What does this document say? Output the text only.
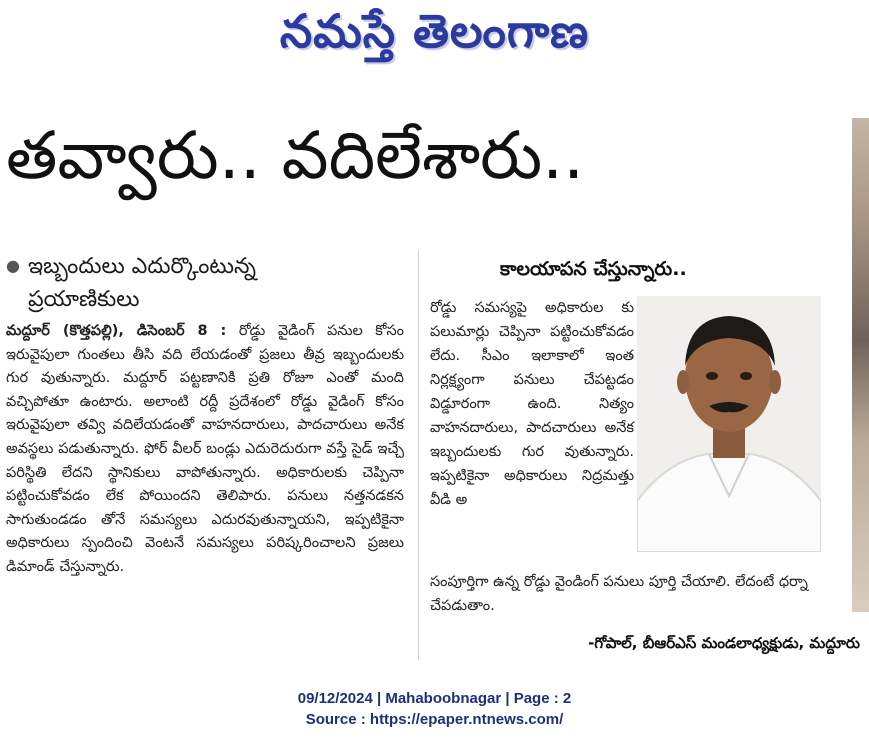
నమస్తే తెలంగాణ
తవ్వారు.. వదిలేశారు..
● ఇబ్బందులు ఎదుర్కొంటున్న ప్రయాణికులు
మద్దూర్ (కొత్తపల్లి), డిసెంబర్ 8 : రోడ్డు వైడింగ్ పనుల కోసం ఇరువైపులా గుంతలు తీసి వది లేయడంతో ప్రజలు తీవ్ర ఇబ్బందులకు గుర వుతున్నారు. మద్దూర్ పట్టణానికి ప్రతి రోజూ ఎంతో మంది వచ్చిపోతూ ఉంటారు. అలాంటి రద్దీ ప్రదేశంలో రోడ్డు వైడింగ్ కోసం ఇరువైపులా తవ్వి వదిలేయడంతో వాహనదారులు, పాదచారులు అనేక అవస్థలు పడుతున్నారు. ఫోర్ వీలర్ బండ్లు ఎదురెదురుగా వస్తే సైడ్ ఇచ్చే పరిస్థితి లేదని స్థానికులు వాపోతున్నారు. అధికారులకు చెప్పినా పట్టించుకోవడం లేక పోయిందని తెలిపారు. పనులు నత్తనడకన సాగుతుండడం తోనే సమస్యలు ఎదురవుతున్నాయని, ఇప్పటికైనా అధికారులు స్పందించి వెంటనే సమస్యలు పరిష్కరించాలని ప్రజలు డిమాండ్ చేస్తున్నారు.
కాలయాపన చేస్తున్నారు..
రోడ్డు సమస్యపై అధికారుల కు పలుమార్లు చెప్పినా పట్టించుకోవడం లేదు. సీఎం ఇలాకాలో ఇంత నిర్లక్ష్యంగా పనులు చేపట్టడం విడ్డూరంగా ఉంది. నిత్యం వాహనదారులు, పాదచారులు అనేక ఇబ్బందులకు గుర వుతున్నారు. ఇప్పటికైనా అధికారులు నిద్రమత్తు వీడి అ
సంపూర్తిగా ఉన్న రోడ్డు వైండింగ్ పనులు పూర్తి చేయాలి. లేదంటే ధర్నా చేపడుతాం.
-గోపాల్, బీఆర్‌ఎస్ మండలాధ్యక్షుడు, మద్దూరు
09/12/2024 | Mahaboobnagar | Page : 2
Source : https://epaper.ntnews.com/
